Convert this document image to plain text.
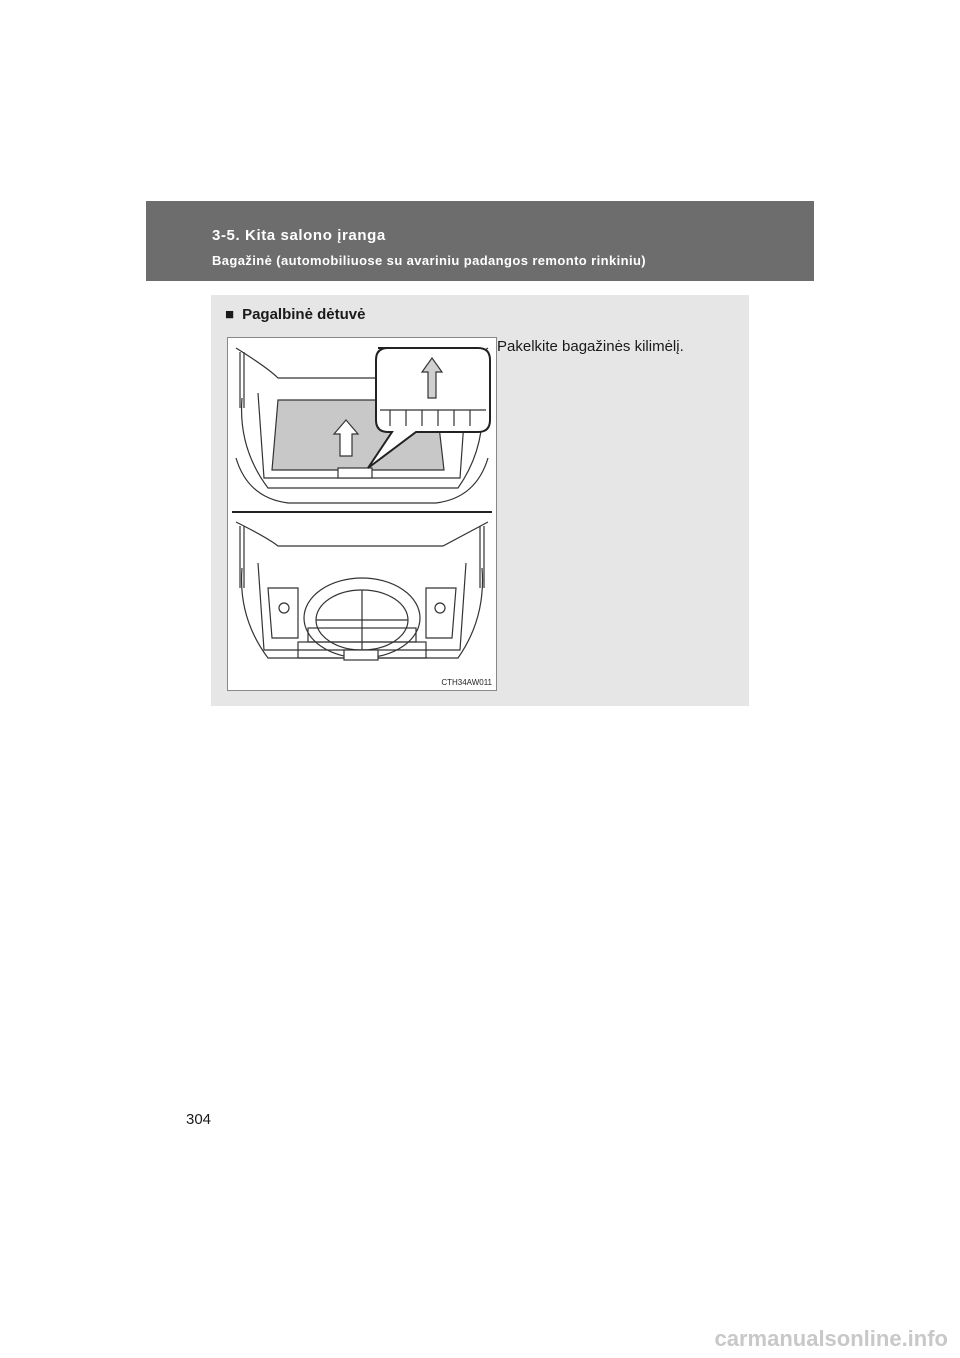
3-5. Kita salono įranga
Bagažinė (automobiliuose su avariniu padangos remonto rinkiniu)
■ Pagalbinė dėtuvė
CTH34AW011
Pakelkite bagažinės kilimėlį.
304
carmanualsonline.info
